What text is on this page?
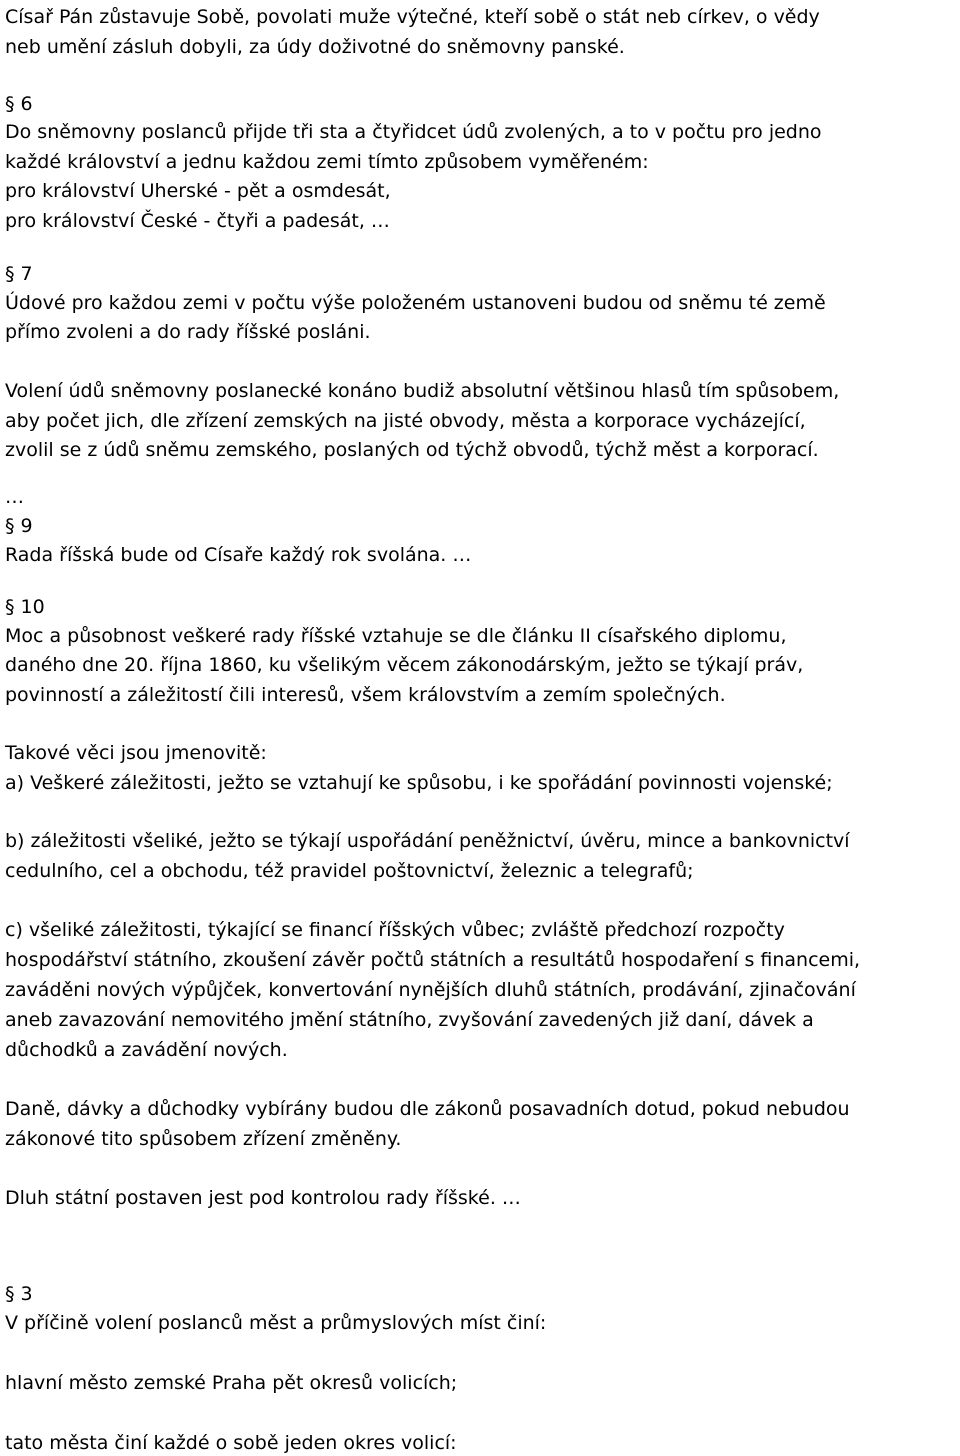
Císař Pán zůstavuje Sobě, povolati muže výtečné, kteří sobě o stát neb církev, o vědy
neb umění zásluh dobyli, za údy doživotné do sněmovny panské.
§ 6
Do sněmovny poslanců přijde tři sta a čtyřidcet údů zvolených, a to v počtu pro jedno
každé království a jednu každou zemi tímto způsobem vyměřeném:
pro království Uherské - pět a osmdesát,
pro království České - čtyři a padesát, …
§ 7
Údové pro každou zemi v počtu výše položeném ustanoveni budou od sněmu té země
přímo zvoleni a do rady říšské posláni.
Volení údů sněmovny poslanecké konáno budiž absolutní většinou hlasů tím spůsobem,
aby počet jich, dle zřízení zemských na jisté obvody, města a korporace vycházející,
zvolil se z údů sněmu zemského, poslaných od týchž obvodů, týchž měst a korporací.
…
§ 9
Rada říšská bude od Císaře každý rok svolána. …
§ 10
Moc a působnost veškeré rady říšské vztahuje se dle článku II císařského diplomu,
daného dne 20. října 1860, ku všelikým věcem zákonodárským, ježto se týkají práv,
povinností a záležitostí čili interesů, všem královstvím a zemím společných.
Takové věci jsou jmenovitě:
a) Veškeré záležitosti, ježto se vztahují ke spůsobu, i ke spořádání povinnosti vojenské;
b) záležitosti všeliké, ježto se týkají uspořádání peněžnictví, úvěru, mince a bankovnictví
cedulního, cel a obchodu, též pravidel poštovnictví, železnic a telegrafů;
c) všeliké záležitosti, týkající se financí říšských vůbec; zvláště předchozí rozpočty
hospodářství státního, zkoušení závěr počtů státních a resultátů hospodaření s financemi,
zaváděni nových výpůjček, konvertování nynějších dluhů státních, prodávání, zjinačování
aneb zavazování nemovitého jmění státního, zvyšování zavedených již daní, dávek a
důchodků a zavádění nových.
Daně, dávky a důchodky vybírány budou dle zákonů posavadních dotud, pokud nebudou
zákonové tito spůsobem zřízení změněny.
Dluh státní postaven jest pod kontrolou rady říšské. …
§ 3
V příčině volení poslanců měst a průmyslových míst činí:
hlavní město zemské Praha pět okresů volicích;
tato města činí každé o sobě jeden okres volicí:
